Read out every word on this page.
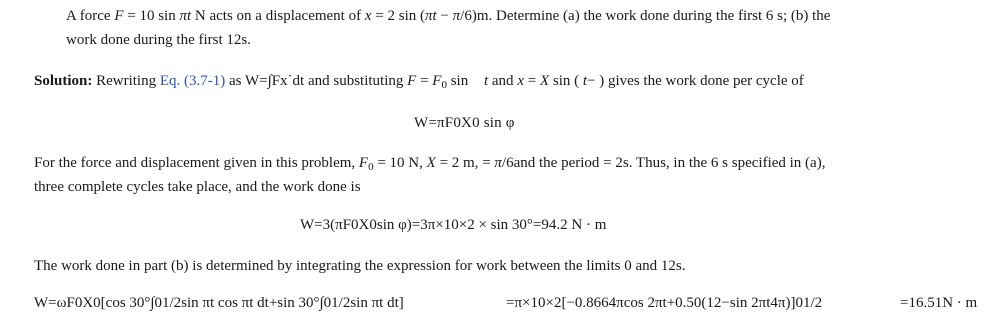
A force F = 10 sin πt N acts on a displacement of x = 2 sin (πt − π/6)m. Determine (a) the work done during the first 6 s; (b) the
work done during the first 12s.
Solution: Rewriting Eq. (3.7-1) as W=∫Fx˙dt and substituting $F = F_0$ sin t and x = X sin ( t− ) gives the work done per cycle of
W=πF0X0 sin φ
For the force and displacement given in this problem, $F_0 = 10$ N, X = 2 m, = π/6and the period = 2s. Thus, in the 6 s specified in (a),
three complete cycles take place, and the work done is
W=3(πF0X0sin φ)=3π×10×2 × sin 30°=94.2 N · m
The work done in part (b) is determined by integrating the expression for work between the limits 0 and 12s.
W=ωF0X0[cos 30°∫01/2sin πt cos πt dt+sin 30°∫01/2sin πt dt]	=π×10×2[−0.8664πcos 2πt+0.50(12−sin 2πt4π)]01/2	=16.51N · m
